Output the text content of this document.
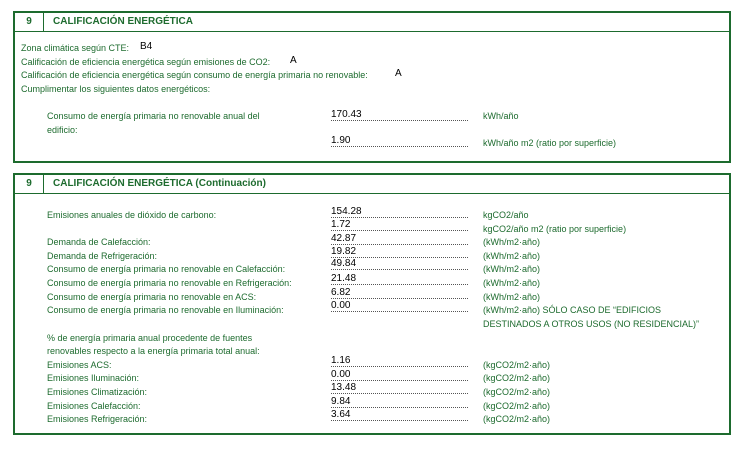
9	CALIFICACIÓN ENERGÉTICA
Zona climática según CTE: B4
Calificación de eficiencia energética según emisiones de CO2: A
Calificación de eficiencia energética según consumo de energía primaria no renovable:	A
Cumplimentar los siguientes datos energéticos:
Consumo de energía primaria no renovable anual del
edificio:
170.43	kWh/año
1.90	kWh/año m2 (ratio por superficie)
9	CALIFICACIÓN ENERGÉTICA (Continuación)
Emisiones anuales de dióxido de carbono:	154.28	kgCO2/año
1.72	kgCO2/año m2 (ratio por superficie)
Demanda de Calefacción:	42.87	(kWh/m2·año)
Demanda de Refrigeración:	19.82	(kWh/m2·año)
Consumo de energía primaria no renovable en Calefacción:	49.84	(kWh/m2·año)
Consumo de energía primaria no renovable en Refrigeración:	21.48	(kWh/m2·año)
Consumo de energía primaria no renovable en ACS:	6.82	(kWh/m2·año)
Consumo de energía primaria no renovable en Iluminación:	0.00	(kWh/m2·año) SÓLO CASO DE “EDIFICIOS
DESTINADOS A OTROS USOS (NO RESIDENCIAL)”
% de energía primaria anual procedente de fuentes
renovables respecto a la energía primaria total anual:
Emisiones ACS:	1.16	(kgCO2/m2·año)
Emisiones Iluminación:	0.00	(kgCO2/m2·año)
Emisiones Climatización:	13.48	(kgCO2/m2·año)
Emisiones Calefacción:	9.84	(kgCO2/m2·año)
Emisiones Refrigeración:	3.64	(kgCO2/m2·año)
